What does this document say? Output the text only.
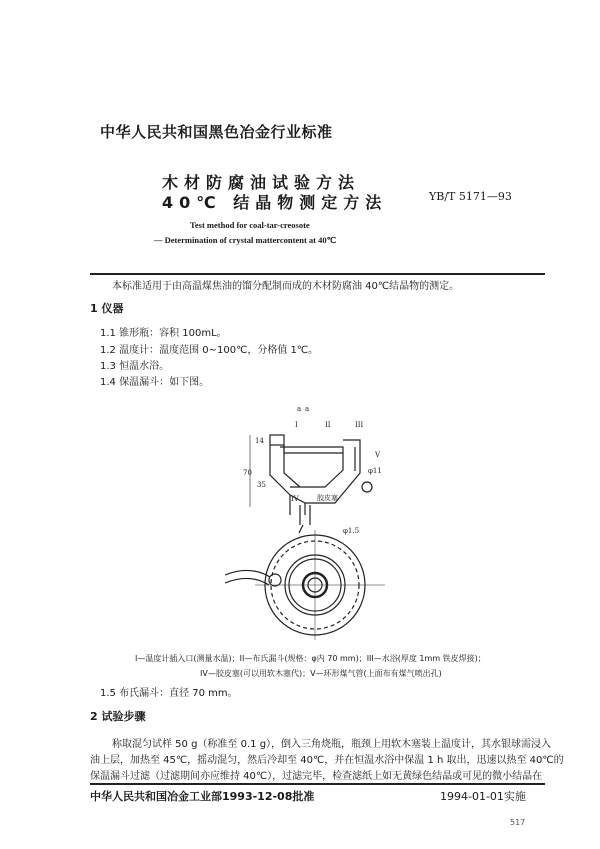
中华人民共和国黑色冶金行业标准
木材防腐油试验方法
40℃ 结晶物测定方法	YB/T 5171—93
Test method for coal-tar-creosote
— Determination of crystal mattercontent at 40℃
本标准适用于由高温煤焦油的馏分配制而成的木材防腐油 40℃结晶物的测定。
1 仪器
1.1 锥形瓶：容积 100mL。
1.2 温度计：温度范围 0~100℃，分格值 1℃。
1.3 恒温水浴。
1.4 保温漏斗：如下图。
a a
I	II	III
V
φ11
IV	胶皮塞
70
35
14
φ1.5
I—温度计插入口(测量水温)；II—布氏漏斗(规格：φ内 70 mm)；III—水浴(厚度 1mm 铁皮焊接)；
IV—胶皮塞(可以用软木塞代)；V—环形煤气管(上面布有煤气喷出孔)
1.5 布氏漏斗：直径 70 mm。
2 试验步骤
称取混匀试样 50 g（称准至 0.1 g），倒入三角烧瓶，瓶颈上用软木塞装上温度计，其水银球需浸入
油上层，加热至 45℃，摇动混匀，然后冷却至 40℃，并在恒温水浴中保温 1 h 取出，迅速以热至 40℃的
保温漏斗过滤（过滤期间亦应维持 40℃），过滤完毕，检查滤纸上如无黄绿色结晶或可见的微小结晶在
中华人民共和国冶金工业部1993-12-08批准	1994-01-01实施
517
